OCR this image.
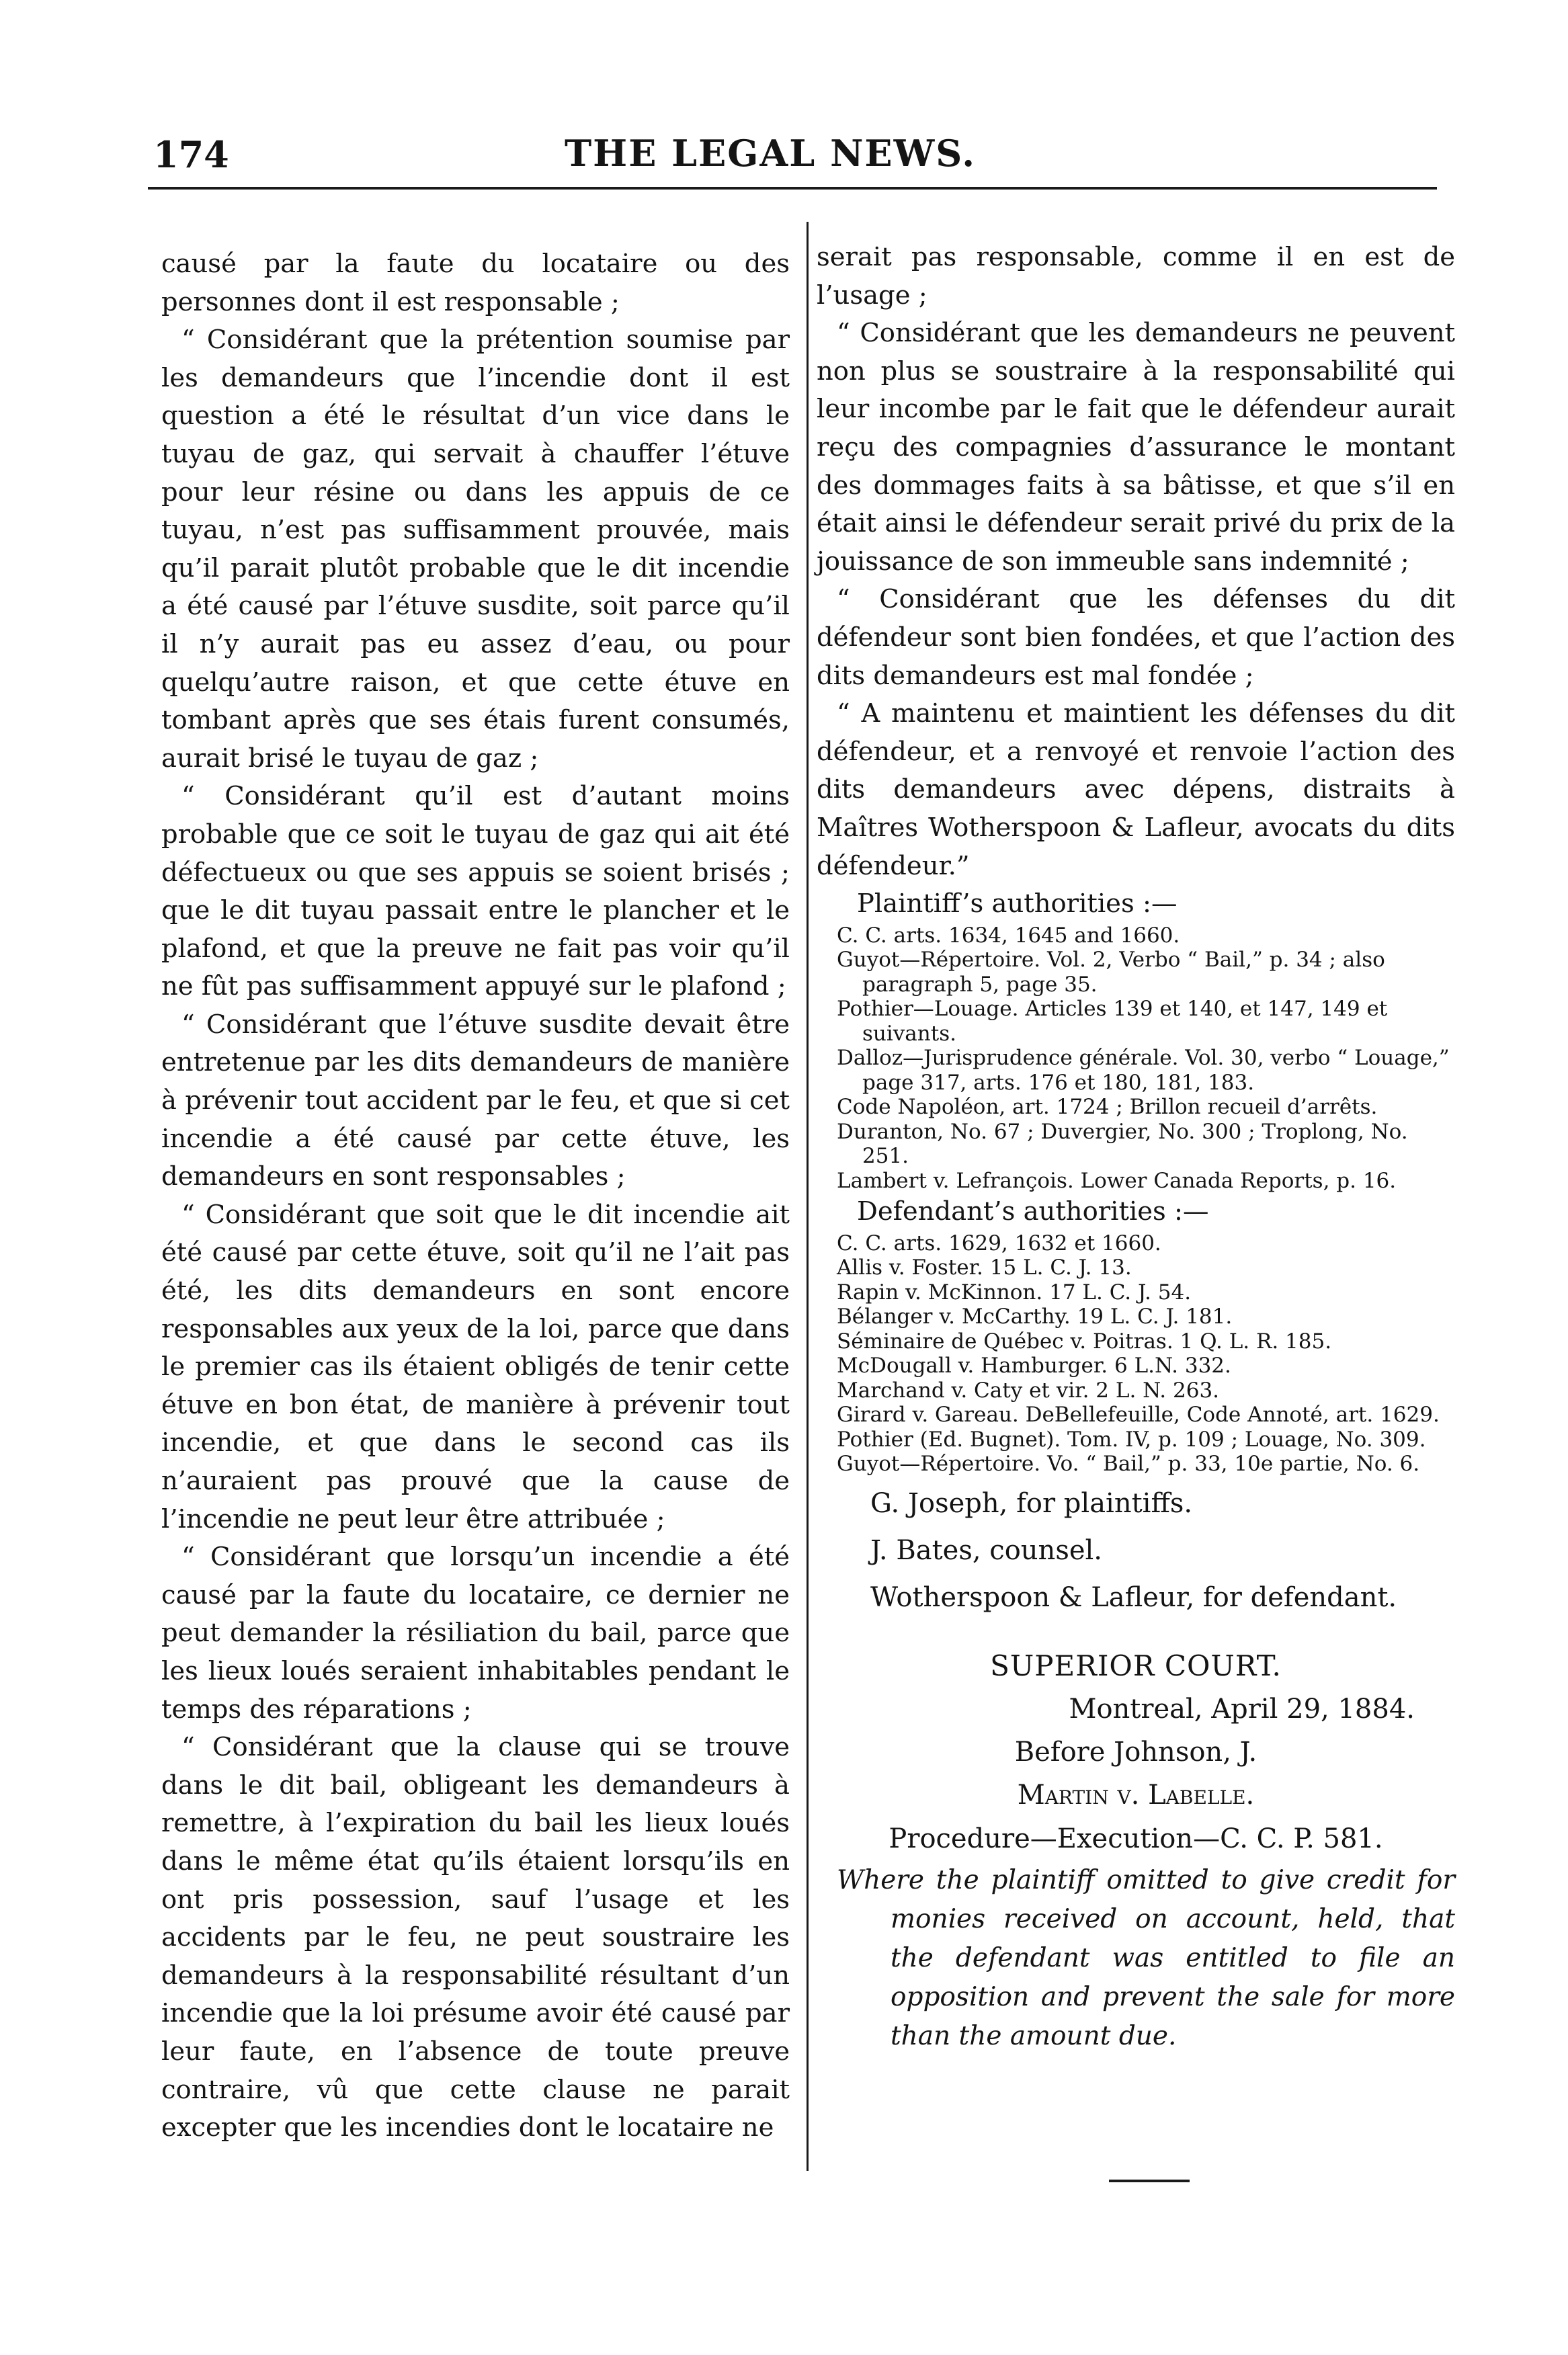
174	THE LEGAL NEWS.

causé par la faute du locataire ou des personnes dont il est responsable ;

“ Considérant que la prétention soumise par les demandeurs que l’incendie dont il est question a été le résultat d’un vice dans le tuyau de gaz, qui servait à chauffer l’étuve pour leur résine ou dans les appuis de ce tuyau, n’est pas suffisamment prouvée, mais qu’il parait plutôt probable que le dit incendie a été causé par l’étuve susdite, soit parce qu’il il n’y aurait pas eu assez d’eau, ou pour quelqu’autre raison, et que cette étuve en tombant après que ses étais furent consumés, aurait brisé le tuyau de gaz ;

“ Considérant qu’il est d’autant moins probable que ce soit le tuyau de gaz qui ait été défectueux ou que ses appuis se soient brisés ; que le dit tuyau passait entre le plancher et le plafond, et que la preuve ne fait pas voir qu’il ne fût pas suffisamment appuyé sur le plafond ;

“ Considérant que l’étuve susdite devait être entretenue par les dits demandeurs de manière à prévenir tout accident par le feu, et que si cet incendie a été causé par cette étuve, les demandeurs en sont responsables ;

“ Considérant que soit que le dit incendie ait été causé par cette étuve, soit qu’il ne l’ait pas été, les dits demandeurs en sont encore responsables aux yeux de la loi, parce que dans le premier cas ils étaient obligés de tenir cette étuve en bon état, de manière à prévenir tout incendie, et que dans le second cas ils n’auraient pas prouvé que la cause de l’incendie ne peut leur être attribuée ;

“ Considérant que lorsqu’un incendie a été causé par la faute du locataire, ce dernier ne peut demander la résiliation du bail, parce que les lieux loués seraient inhabitables pendant le temps des réparations ;

“ Considérant que la clause qui se trouve dans le dit bail, obligeant les demandeurs à remettre, à l’expiration du bail les lieux loués dans le même état qu’ils étaient lorsqu’ils en ont pris possession, sauf l’usage et les accidents par le feu, ne peut soustraire les demandeurs à la responsabilité résultant d’un incendie que la loi présume avoir été causé par leur faute, en l’absence de toute preuve contraire, vû que cette clause ne parait excepter que les incendies dont le locataire ne

serait pas responsable, comme il en est de l’usage ;

“ Considérant que les demandeurs ne peuvent non plus se soustraire à la responsabilité qui leur incombe par le fait que le défendeur aurait reçu des compagnies d’assurance le montant des dommages faits à sa bâtisse, et que s’il en était ainsi le défendeur serait privé du prix de la jouissance de son immeuble sans indemnité ;

“ Considérant que les défenses du dit défendeur sont bien fondées, et que l’action des dits demandeurs est mal fondée ;

“ A maintenu et maintient les défenses du dit défendeur, et a renvoyé et renvoie l’action des dits demandeurs avec dépens, distraits à Maîtres Wotherspoon & Lafleur, avocats du dits défendeur.”

Plaintiff’s authorities :—

C. C. arts. 1634, 1645 and 1660.

Guyot—Répertoire. Vol. 2, Verbo “ Bail,” p. 34 ; also paragraph 5, page 35.

Pothier—Louage. Articles 139 et 140, et 147, 149 et suivants.

Dalloz—Jurisprudence générale. Vol. 30, verbo “ Louage,” page 317, arts. 176 et 180, 181, 183.

Code Napoléon, art. 1724 ; Brillon recueil d’arrêts.

Duranton, No. 67 ; Duvergier, No. 300 ; Troplong, No. 251.

Lambert v. Lefrançois. Lower Canada Reports, p. 16.

Defendant’s authorities :—

C. C. arts. 1629, 1632 et 1660.

Allis v. Foster. 15 L. C. J. 13.

Rapin v. McKinnon. 17 L. C. J. 54.

Bélanger v. McCarthy. 19 L. C. J. 181.

Séminaire de Québec v. Poitras. 1 Q. L. R. 185.

McDougall v. Hamburger. 6 L.N. 332.

Marchand v. Caty et vir. 2 L. N. 263.

Girard v. Gareau. DeBellefeuille, Code Annoté, art. 1629.

Pothier (Ed. Bugnet). Tom. IV, p. 109 ; Louage, No. 309.

Guyot—Répertoire. Vo. “ Bail,” p. 33, 10e partie, No. 6.

G. Joseph, for plaintiffs.

J. Bates, counsel.

Wotherspoon & Lafleur, for defendant.

SUPERIOR COURT.

Montreal, April 29, 1884.

Before Johnson, J.

Martin v. Labelle.

Procedure—Execution—C. C. P. 581.

Where the plaintiff omitted to give credit for monies received on account, held, that the defendant was entitled to file an opposition and prevent the sale for more than the amount due.
